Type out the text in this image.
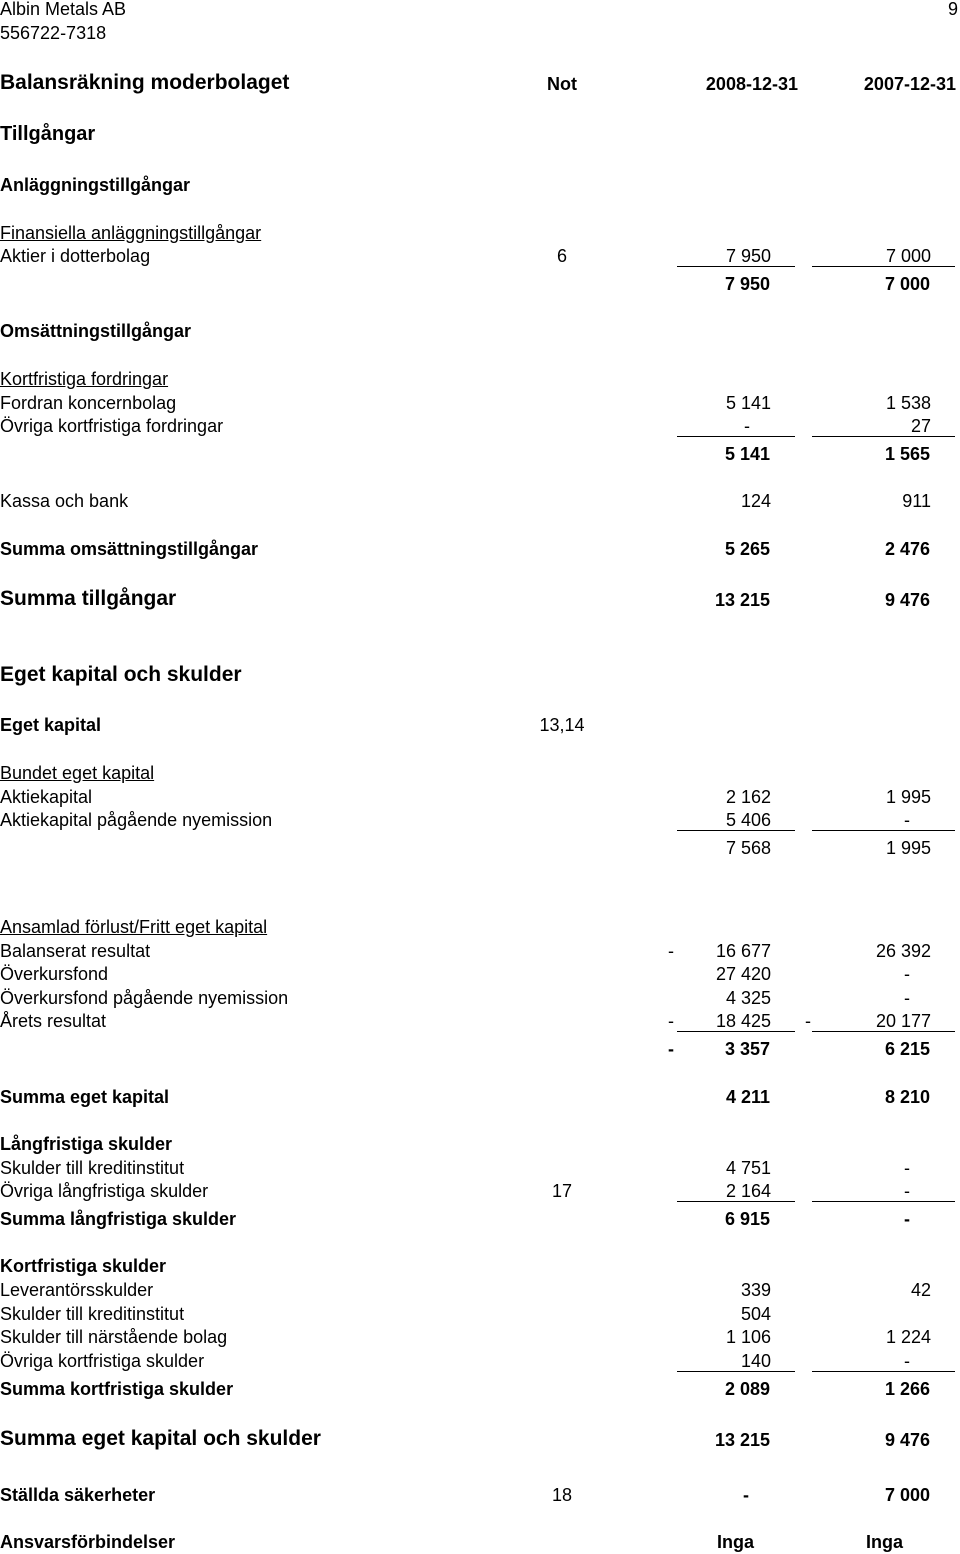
Albin Metals AB
556722-7318
9
Balansräkning moderbolaget	Not	2008-12-31	2007-12-31
Tillgångar
Anläggningstillgångar
Finansiella anläggningstillgångar
Aktier i dotterbolag	6	7 950	7 000
7 950	7 000
Omsättningstillgångar
Kortfristiga fordringar
Fordran koncernbolag	5 141	1 538
Övriga kortfristiga fordringar	-	27
5 141	1 565
Kassa och bank	124	911
Summa omsättningstillgångar	5 265	2 476
Summa tillgångar	13 215	9 476
Eget kapital och skulder
Eget kapital	13,14
Bundet eget kapital
Aktiekapital	2 162	1 995
Aktiekapital pågående nyemission	5 406	-
7 568	1 995
Ansamlad förlust/Fritt eget kapital
Balanserat resultat	-	16 677	26 392
Överkursfond	27 420	-
Överkursfond pågående nyemission	4 325	-
Årets resultat	-	18 425 -	20 177
-	3 357	6 215
Summa eget kapital	4 211	8 210
Långfristiga skulder
Skulder till kreditinstitut	4 751	-
Övriga långfristiga skulder	17	2 164	-
Summa långfristiga skulder	6 915	-
Kortfristiga skulder
Leverantörsskulder	339	42
Skulder till kreditinstitut	504
Skulder till närstående bolag	1 106	1 224
Övriga kortfristiga skulder	140	-
Summa kortfristiga skulder	2 089	1 266
Summa eget kapital och skulder	13 215	9 476
Ställda säkerheter	18	-	7 000
Ansvarsförbindelser	Inga	Inga
